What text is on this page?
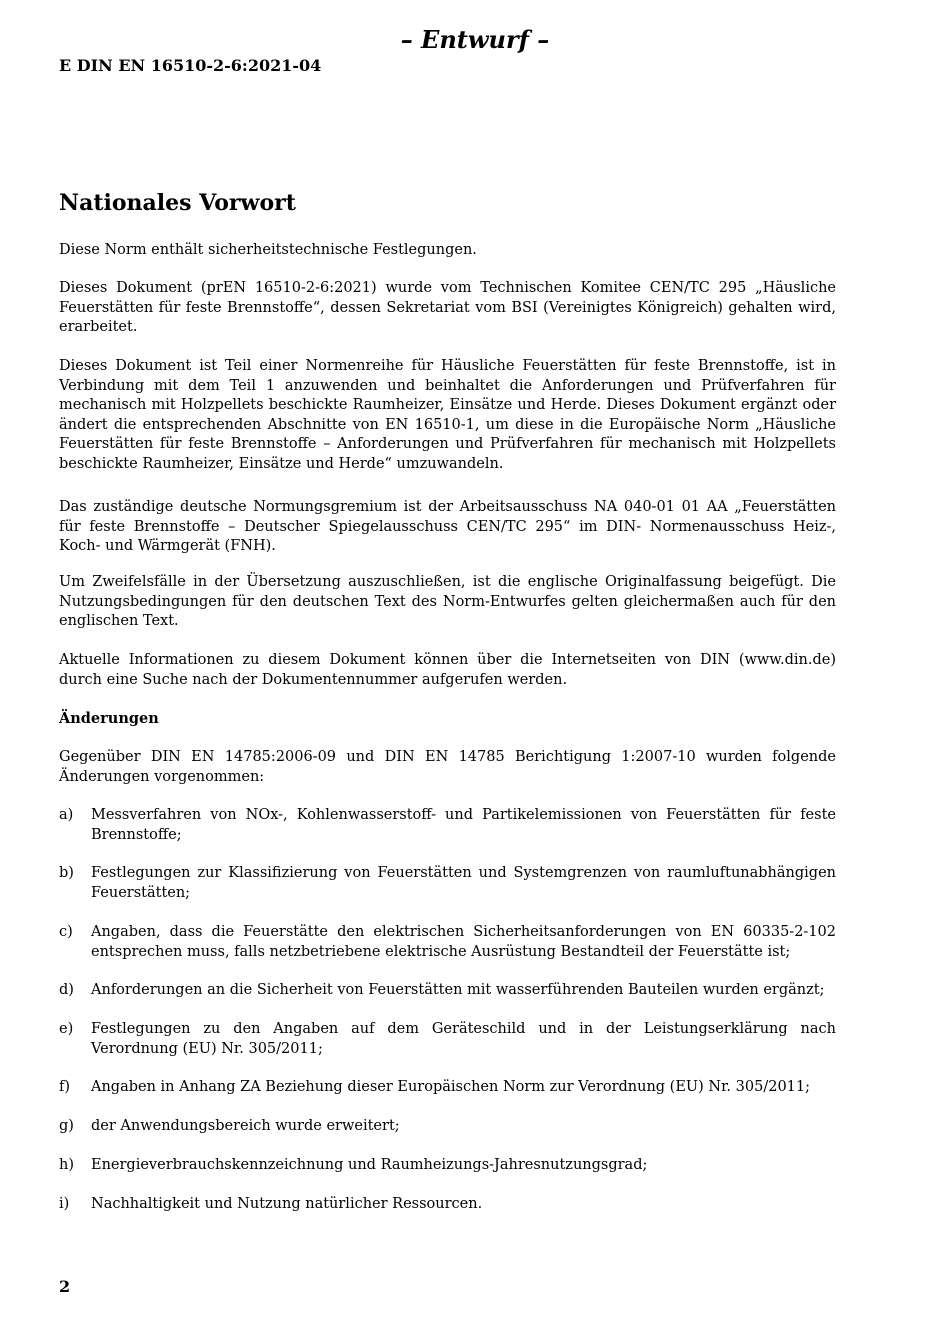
– Entwurf –
E DIN EN 16510-2-6:2021-04
Nationales Vorwort
Diese Norm enthält sicherheitstechnische Festlegungen.
Dieses Dokument (prEN 16510-2-6:2021) wurde vom Technischen Komitee CEN/TC 295 „Häusliche Feuerstätten für feste Brennstoffe“, dessen Sekretariat vom BSI (Vereinigtes Königreich) gehalten wird, erarbeitet.
Dieses Dokument ist Teil einer Normenreihe für Häusliche Feuerstätten für feste Brennstoffe, ist in Verbindung mit dem Teil 1 anzuwenden und beinhaltet die Anforderungen und Prüfverfahren für mechanisch mit Holzpellets beschickte Raumheizer, Einsätze und Herde. Dieses Dokument ergänzt oder ändert die entsprechenden Abschnitte von EN 16510-1, um diese in die Europäische Norm „Häusliche Feuerstätten für feste Brennstoffe – Anforderungen und Prüfverfahren für mechanisch mit Holzpellets beschickte Raumheizer, Einsätze und Herde“ umzuwandeln.
Das zuständige deutsche Normungsgremium ist der Arbeitsausschuss NA 040-01 01 AA „Feuerstätten für feste Brennstoffe – Deutscher Spiegelausschuss CEN/TC 295“ im DIN- Normenausschuss Heiz-, Koch- und Wärmgerät (FNH).
Um Zweifelsfälle in der Übersetzung auszuschließen, ist die englische Originalfassung beigefügt. Die Nutzungsbedingungen für den deutschen Text des Norm-Entwurfes gelten gleichermaßen auch für den englischen Text.
Aktuelle Informationen zu diesem Dokument können über die Internetseiten von DIN (www.din.de) durch eine Suche nach der Dokumentennummer aufgerufen werden.
Änderungen
Gegenüber DIN EN 14785:2006-09 und DIN EN 14785 Berichtigung 1:2007-10 wurden folgende Änderungen vorgenommen:
a) Messverfahren von NOx-, Kohlenwasserstoff- und Partikelemissionen von Feuerstätten für feste Brennstoffe;
b) Festlegungen zur Klassifizierung von Feuerstätten und Systemgrenzen von raumluftunabhängigen Feuerstätten;
c) Angaben, dass die Feuerstätte den elektrischen Sicherheitsanforderungen von EN 60335-2-102 entsprechen muss, falls netzbetriebene elektrische Ausrüstung Bestandteil der Feuerstätte ist;
d) Anforderungen an die Sicherheit von Feuerstätten mit wasserführenden Bauteilen wurden ergänzt;
e) Festlegungen zu den Angaben auf dem Geräteschild und in der Leistungserklärung nach Verordnung (EU) Nr. 305/2011;
f) Angaben in Anhang ZA Beziehung dieser Europäischen Norm zur Verordnung (EU) Nr. 305/2011;
g) der Anwendungsbereich wurde erweitert;
h) Energieverbrauchskennzeichnung und Raumheizungs-Jahresnutzungsgrad;
i) Nachhaltigkeit und Nutzung natürlicher Ressourcen.
2
